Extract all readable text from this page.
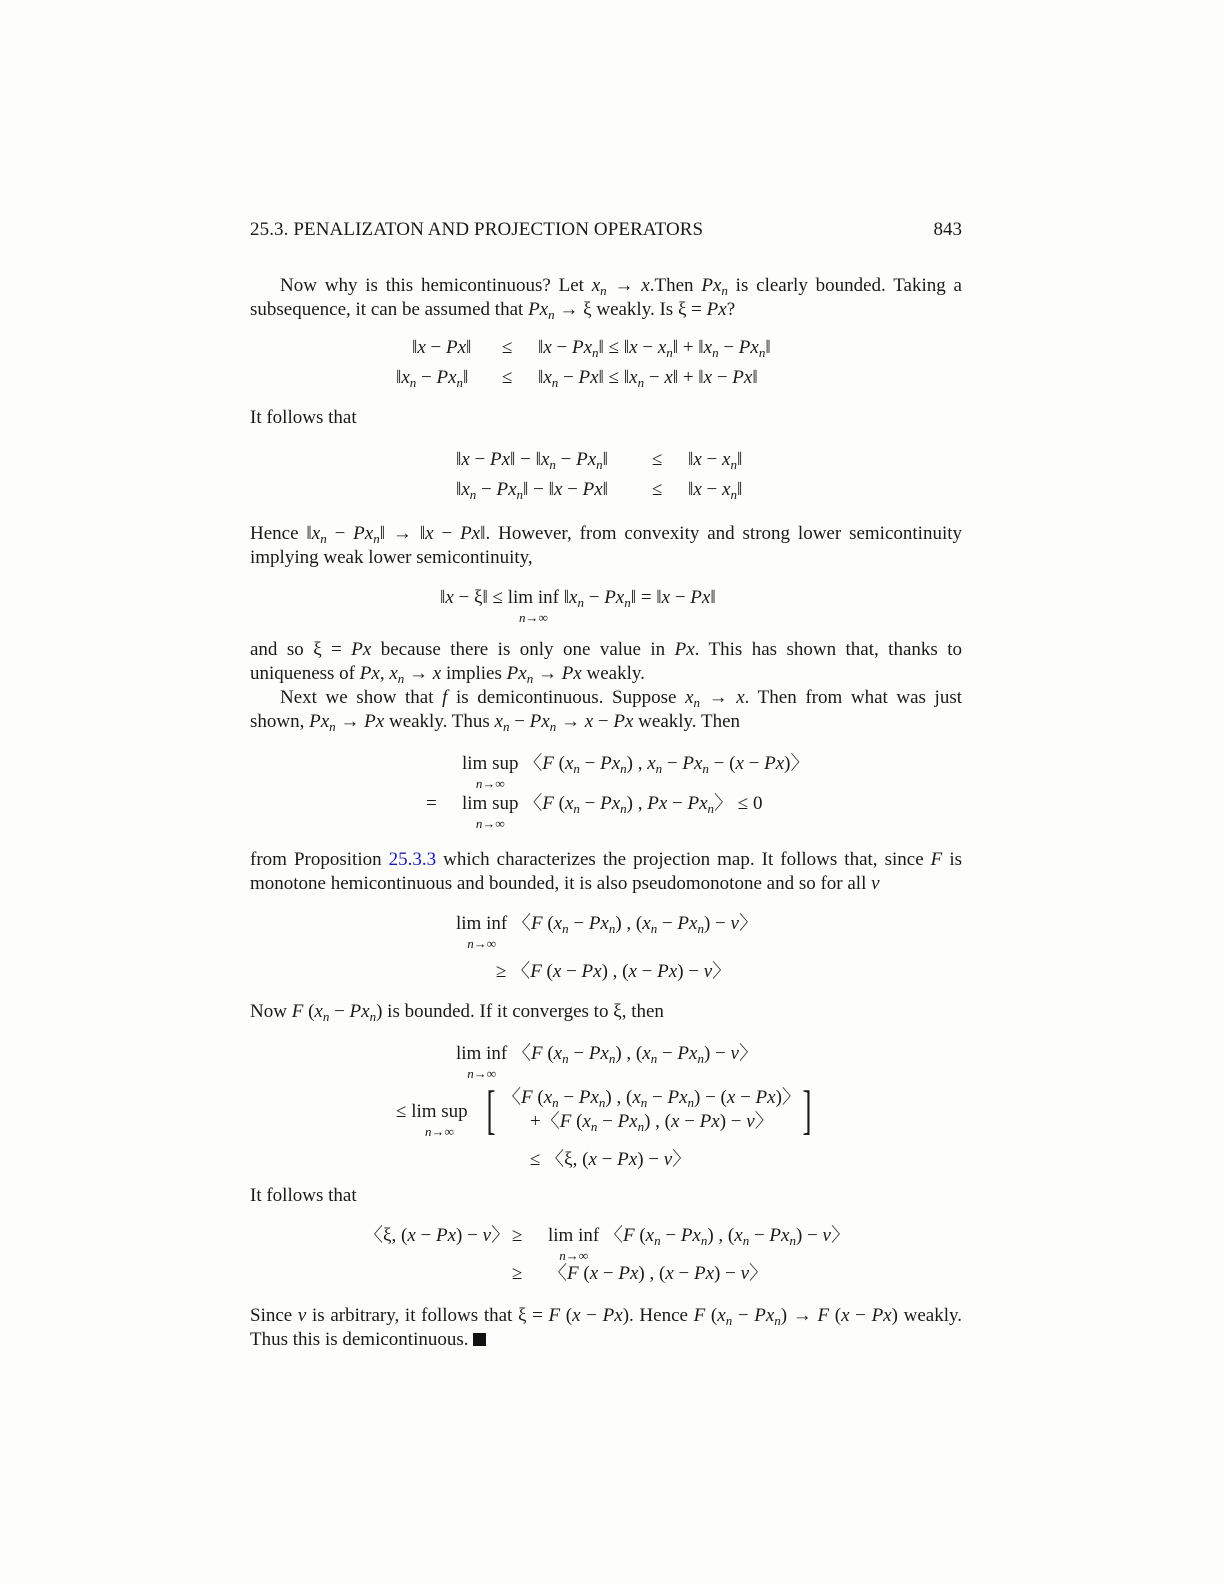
25.3. PENALIZATON AND PROJECTION OPERATORS	843

Now why is this hemicontinuous? Let $x_n$ → x.Then $Px_n$ is clearly bounded. Taking a subsequence, it can be assumed that $Px_n \to \xi$ weakly. Is ξ = Px?

‖x − Px‖ ≤ ‖x − $Px_n‖$ ≤ ‖x − $x_n‖$ + $‖x_n$ − $Px_n‖$
$‖x_n$ − $Px_n‖$ ≤ $‖x_n$ − Px‖ ≤ $‖x_n$ − x‖ + ‖x − Px‖

It follows that

‖x − Px‖ − $‖x_n$ − $Px_n‖$ ≤ ‖x − $x_n‖$
$‖x_n$ − $Px_n‖$ − ‖x − Px‖ ≤ ‖x − $x_n‖$

Hence $‖x_n$ − $Px_n‖$ → ‖x − Px‖. However, from convexity and strong lower semicontinuity implying weak lower semicontinuity,

‖x − ξ‖ ≤ lim inf
n→∞
$‖x_n$ − $Px_n‖$ = ‖x − Px‖

and so ξ = Px because there is only one value in Px. This has shown that, thanks to uniqueness of Px, $x_n \to x$ implies $Px_n \to Px$ weakly.

Next we show that f is demicontinuous. Suppose $x_n \to x$. Then from what was just shown, $Px_n \to Px$ weakly. Thus $x_n - Px_n \to x - Px$ weakly. Then

lim sup
n→∞
〈F $(x_n - Px_n)$ , $x_n - Px_n - (x - Px)$〉
= lim sup
n→∞
〈F $(x_n - Px_n)$ , $Px - Px_n$〉 ≤ 0

from Proposition 25.3.3 which characterizes the projection map. It follows that, since F is monotone hemicontinuous and bounded, it is also pseudomonotone and so for all v

lim inf
n→∞
〈F $(x_n - Px_n)$ , $(x_n - Px_n) - v$〉
≥ 〈F (x − Px) , (x − Px) − v〉

Now F $(x_n - Px_n)$ is bounded. If it converges to ξ, then

lim inf
n→∞
〈F $(x_n - Px_n)$ , $(x_n - Px_n) - v$〉
≤ lim sup
n→∞ [ 〈F $(x_n - Px_n)$ , $(x_n - Px_n) - (x - Px)$〉
+〈F $(x_n - Px_n)$ , (x − Px) − v〉 ]
≤ 〈ξ, (x − Px) − v〉

It follows that

〈ξ, (x − Px) − v〉 ≥ lim inf
n→∞
〈F $(x_n - Px_n)$ , $(x_n - Px_n) - v$〉
≥ 〈F (x − Px) , (x − Px) − v〉

Since v is arbitrary, it follows that ξ = F (x − Px). Hence F $(x_n - Px_n) \to F$ (x − Px) weakly. Thus this is demicontinuous.
